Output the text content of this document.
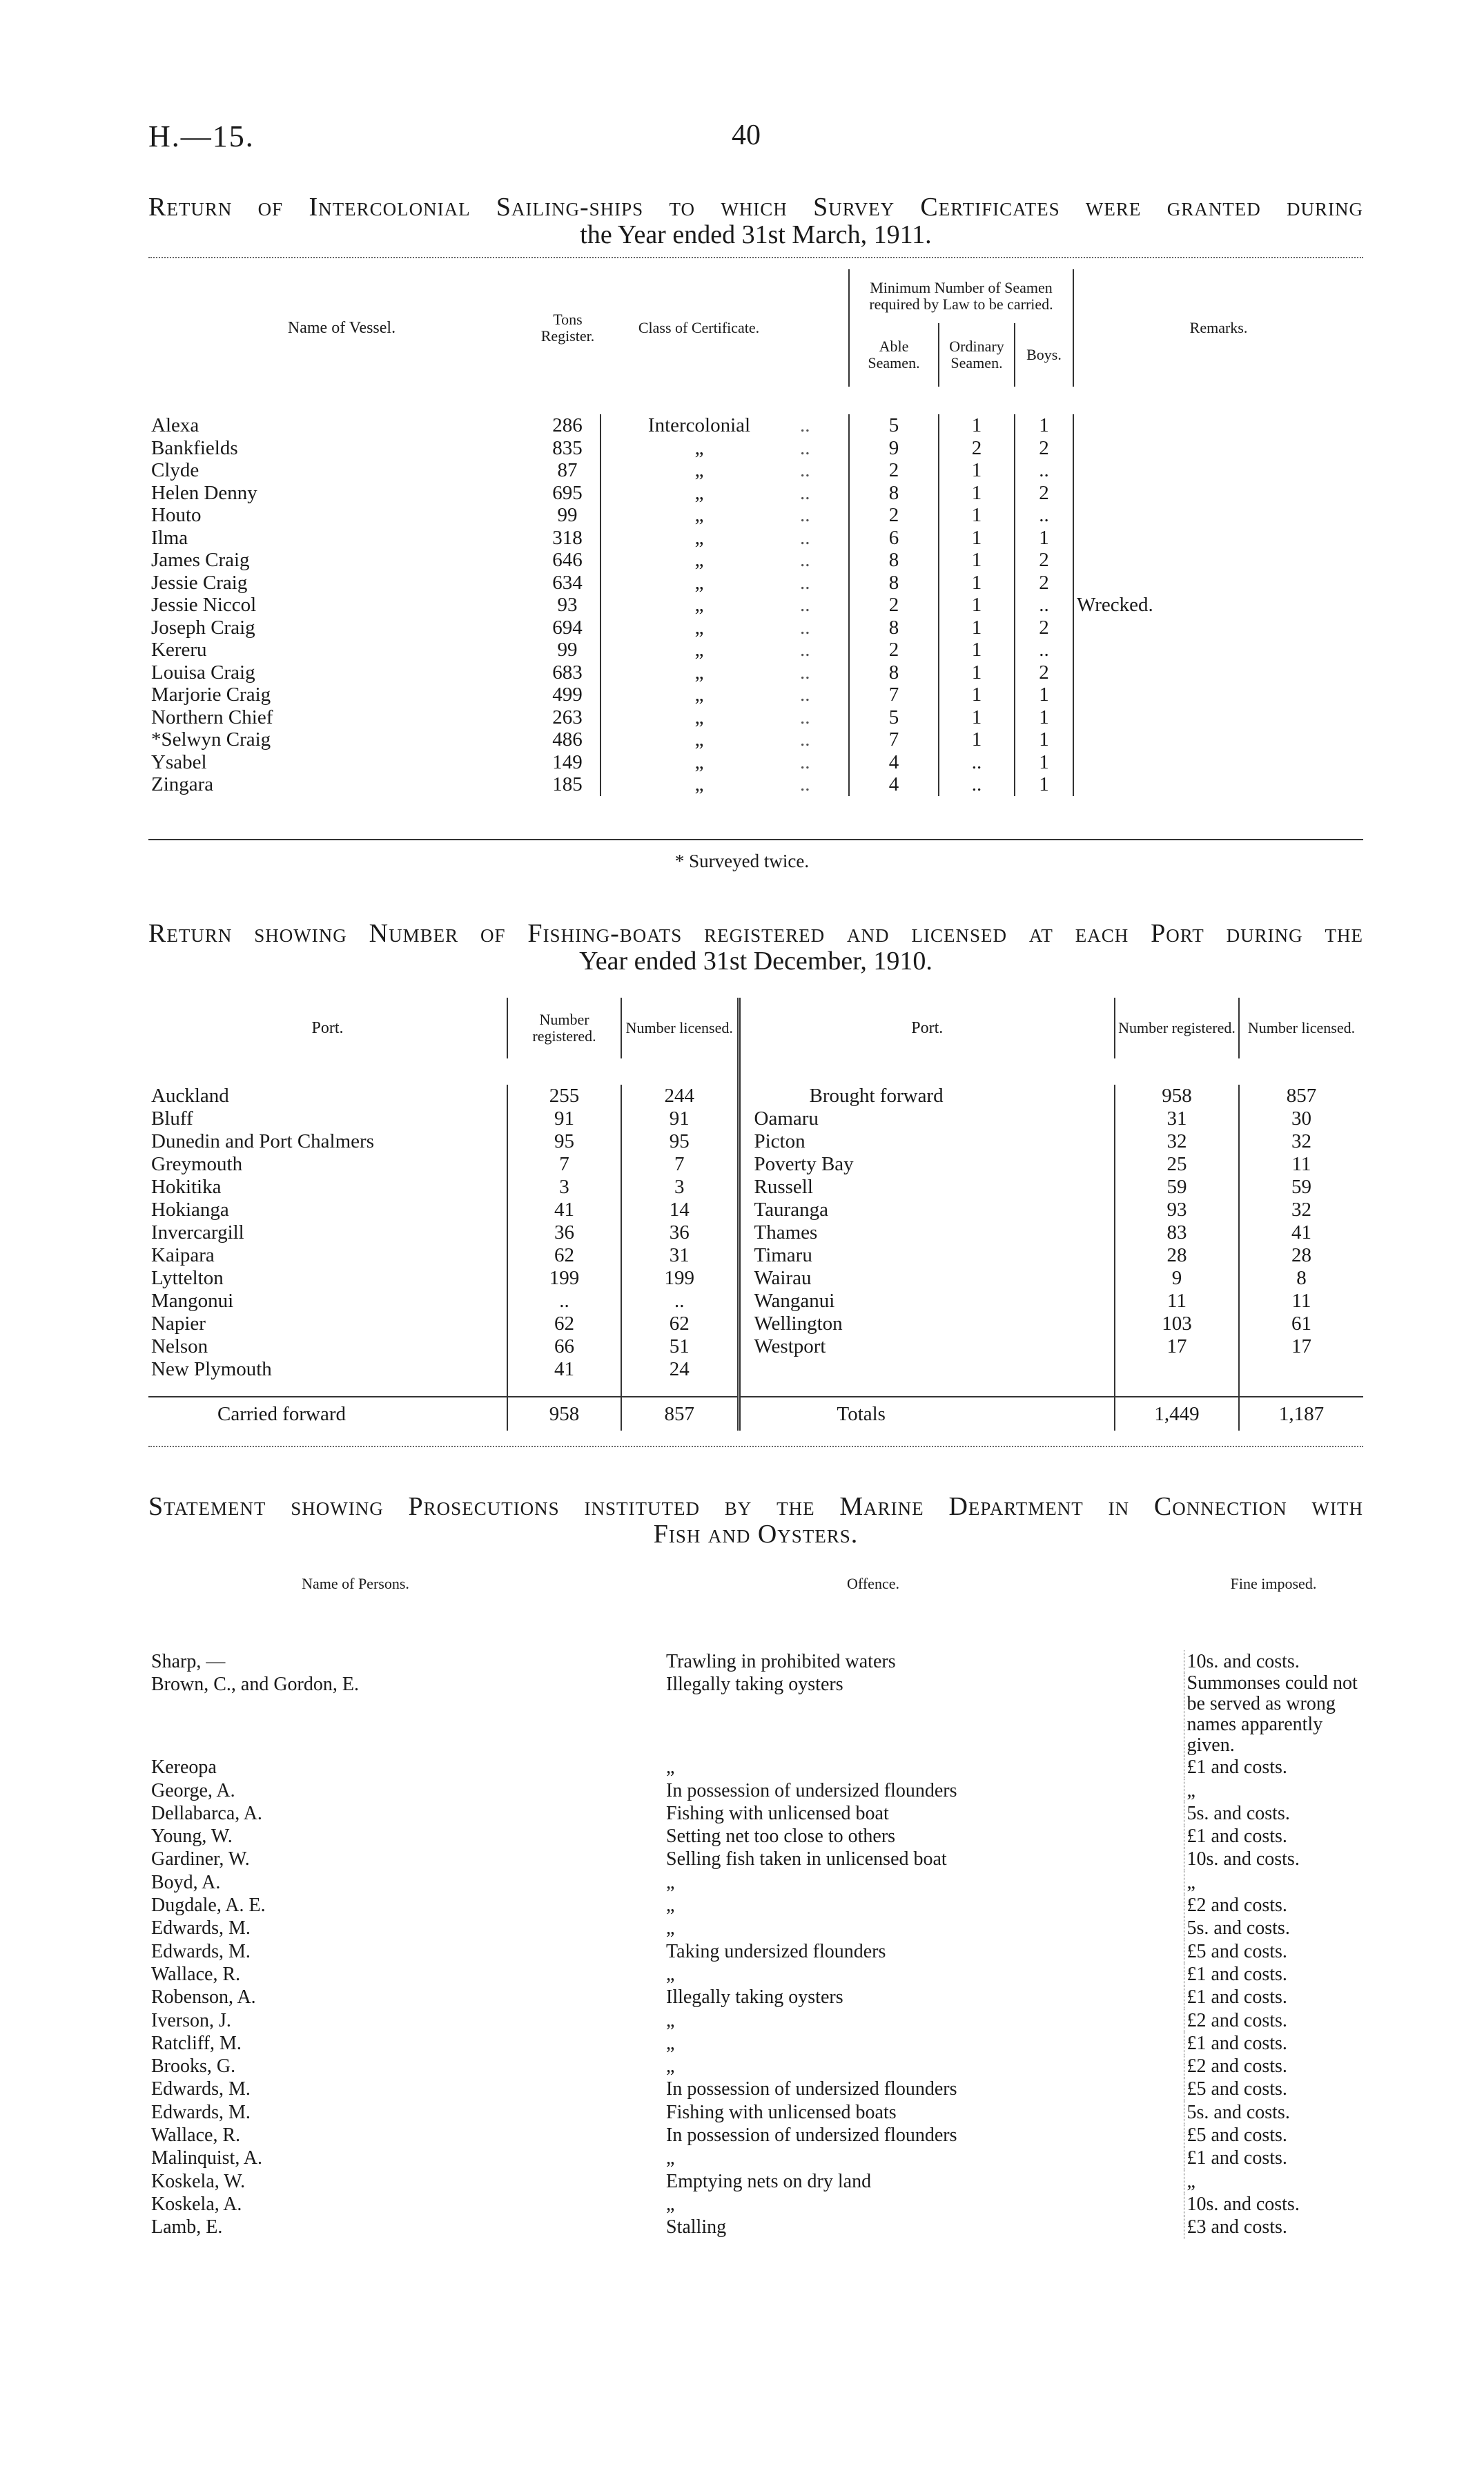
H.—15.	40
Return of Intercolonial Sailing-ships to which Survey Certificates were granted during
the Year ended 31st March, 1911.
Name of Vessel.	Tons Register.	Class of Certificate.		Minimum Number of Seamen required by Law to be carried.			Remarks.
				Able Seamen.	Ordinary Seamen.	Boys.	

Alexa	286	Intercolonial	..	5	1	1	
Bankfields	835	„	..	9	2	2	
Clyde	87	„	..	2	1	..	
Helen Denny	695	„	..	8	1	2	
Houto	99	„	..	2	1	..	
Ilma	318	„	..	6	1	1	
James Craig	646	„	..	8	1	2	
Jessie Craig	634	„	..	8	1	2	
Jessie Niccol	93	„	..	2	1	..	Wrecked.
Joseph Craig	694	„	..	8	1	2	
Kereru	99	„	..	2	1	..	
Louisa Craig	683	„	..	8	1	2	
Marjorie Craig	499	„	..	7	1	1	
Northern Chief	263	„	..	5	1	1	
*Selwyn Craig	486	„	..	7	1	1	
Ysabel	149	„	..	4	..	1	
Zingara	185	„	..	4	..	1	
* Surveyed twice.
Return showing Number of Fishing-boats registered and licensed at each Port during the
Year ended 31st December, 1910.
Port.	Number registered.	Number licensed.	Port.	Number registered.	Number licensed.

Auckland	255	244	Brought forward	958	857
Bluff	91	91	Oamaru	31	30
Dunedin and Port Chalmers	95	95	Picton	32	32
Greymouth	7	7	Poverty Bay	25	11
Hokitika	3	3	Russell	59	59
Hokianga	41	14	Tauranga	93	32
Invercargill	36	36	Thames	83	41
Kaipara	62	31	Timaru	28	28
Lyttelton	199	199	Wairau	9	8
Mangonui	..	..	Wanganui	11	11
Napier	62	62	Wellington	103	61
Nelson	66	51	Westport	17	17
New Plymouth	41	24			

Carried forward	958	857	Totals	1,449	1,187
Statement showing Prosecutions instituted by the Marine Department in Connection with
Fish and Oysters.
Name of Persons.	Offence.	Fine imposed.

Sharp, —	Trawling in prohibited waters	10s. and costs.
Brown, C., and Gordon, E.	Illegally taking oysters	Summonses could not be served as wrong names apparently given.
Kereopa	„	£1 and costs.
George, A.	In possession of undersized flounders	„
Dellabarca, A.	Fishing with unlicensed boat	5s. and costs.
Young, W.	Setting net too close to others	£1 and costs.
Gardiner, W.	Selling fish taken in unlicensed boat	10s. and costs.
Boyd, A.	„	„
Dugdale, A. E.	„	£2 and costs.
Edwards, M.	„	5s. and costs.
Edwards, M.	Taking undersized flounders	£5 and costs.
Wallace, R.	„	£1 and costs.
Robenson, A.	Illegally taking oysters	£1 and costs.
Iverson, J.	„	£2 and costs.
Ratcliff, M.	„	£1 and costs.
Brooks, G.	„	£2 and costs.
Edwards, M.	In possession of undersized flounders	£5 and costs.
Edwards, M.	Fishing with unlicensed boats	5s. and costs.
Wallace, R.	In possession of undersized flounders	£5 and costs.
Malinquist, A.	„	£1 and costs.
Koskela, W.	Emptying nets on dry land	„
Koskela, A.	„	10s. and costs.
Lamb, E.	Stalling	£3 and costs.
